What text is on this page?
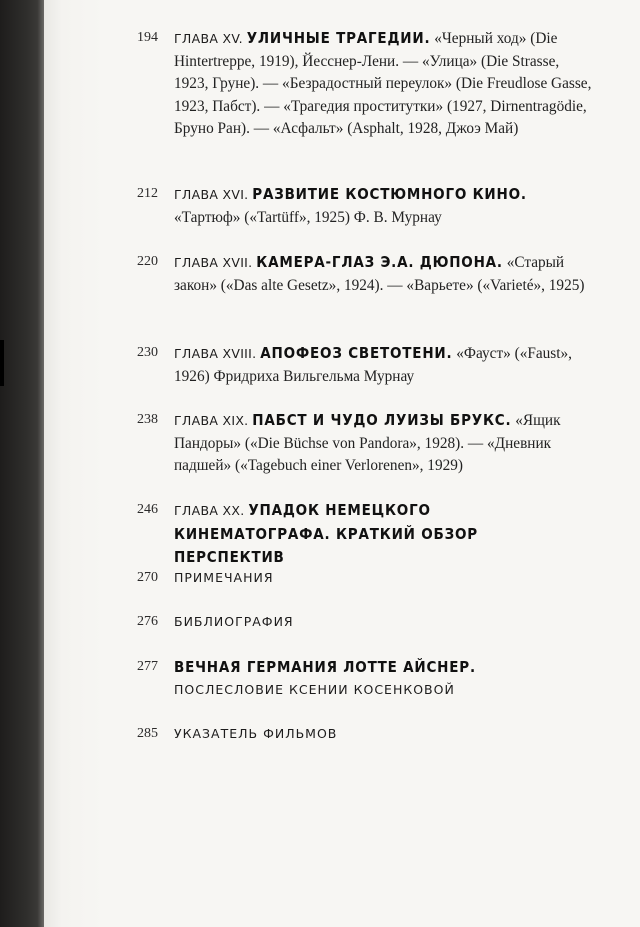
194 ГЛАВА XV. УЛИЧНЫЕ ТРАГЕДИИ. «Черный ход» (Die Hintertreppe, 1919), Йесснер-Лени. — «Улица» (Die Strasse, 1923, Груне). — «Безрадостный переулок» (Die Freudlose Gasse, 1923, Пабст). — «Трагедия проститутки» (1927, Dirnentragödie, Бруно Ран). — «Асфальт» (Asphalt, 1928, Джоэ Май)
212 ГЛАВА XVI. РАЗВИТИЕ КОСТЮМНОГО КИНО. «Тартюф» («Tartüff», 1925) Ф. В. Мурнау
220 ГЛАВА XVII. КАМЕРА-ГЛАЗ Э.А. ДЮПОНА. «Старый закон» («Das alte Gesetz», 1924). — «Варьете» («Varieté», 1925)
230 ГЛАВА XVIII. АПОФЕОЗ СВЕТОТЕНИ. «Фауст» («Faust», 1926) Фридриха Вильгельма Мурнау
238 ГЛАВА XIX. ПАБСТ И ЧУДО ЛУИЗЫ БРУКС. «Ящик Пандоры» («Die Büchse von Pandora», 1928). — «Дневник падшей» («Tagebuch einer Verlorenen», 1929)
246 ГЛАВА XX. УПАДОК НЕМЕЦКОГО КИНЕМАТОГРАФА. КРАТКИЙ ОБЗОР ПЕРСПЕКТИВ
270 ПРИМЕЧАНИЯ
276 БИБЛИОГРАФИЯ
277 ВЕЧНАЯ ГЕРМАНИЯ ЛОТТЕ АЙСНЕР.
ПОСЛЕСЛОВИЕ КСЕНИИ КОСЕНКОВОЙ
285 УКАЗАТЕЛЬ ФИЛЬМОВ
